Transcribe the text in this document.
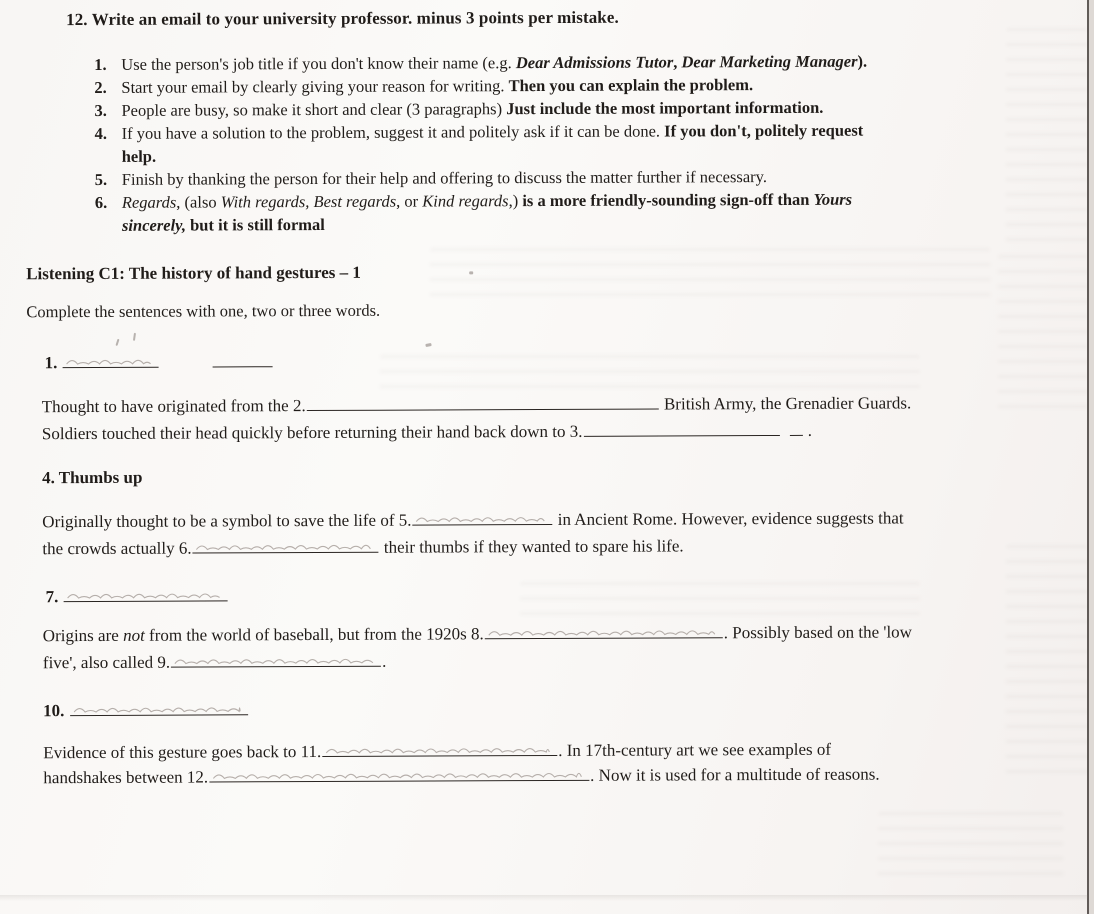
12. Write an email to your university professor. minus 3 points per mistake.
1. Use the person's job title if you don't know their name (e.g. Dear Admissions Tutor, Dear Marketing Manager).
2. Start your email by clearly giving your reason for writing. Then you can explain the problem.
3. People are busy, so make it short and clear (3 paragraphs) Just include the most important information.
4. If you have a solution to the problem, suggest it and politely ask if it can be done. If you don't, politely request
help.
5. Finish by thanking the person for their help and offering to discuss the matter further if necessary.
6. Regards, (also With regards, Best regards, or Kind regards,) is a more friendly-sounding sign-off than Yours
sincerely, but it is still formal
Listening C1: The history of hand gestures – 1
Complete the sentences with one, two or three words.
1.
Thought to have originated from the 2.	British Army, the Grenadier Guards.
Soldiers touched their head quickly before returning their hand back down to 3.	.
4. Thumbs up
Originally thought to be a symbol to save the life of 5.	in Ancient Rome. However, evidence suggests that
the crowds actually 6.	their thumbs if they wanted to spare his life.
7.
Origins are not from the world of baseball, but from the 1920s 8.	. Possibly based on the 'low
five', also called 9.	.
10.
Evidence of this gesture goes back to 11.	. In 17th-century art we see examples of
handshakes between 12.	. Now it is used for a multitude of reasons.
